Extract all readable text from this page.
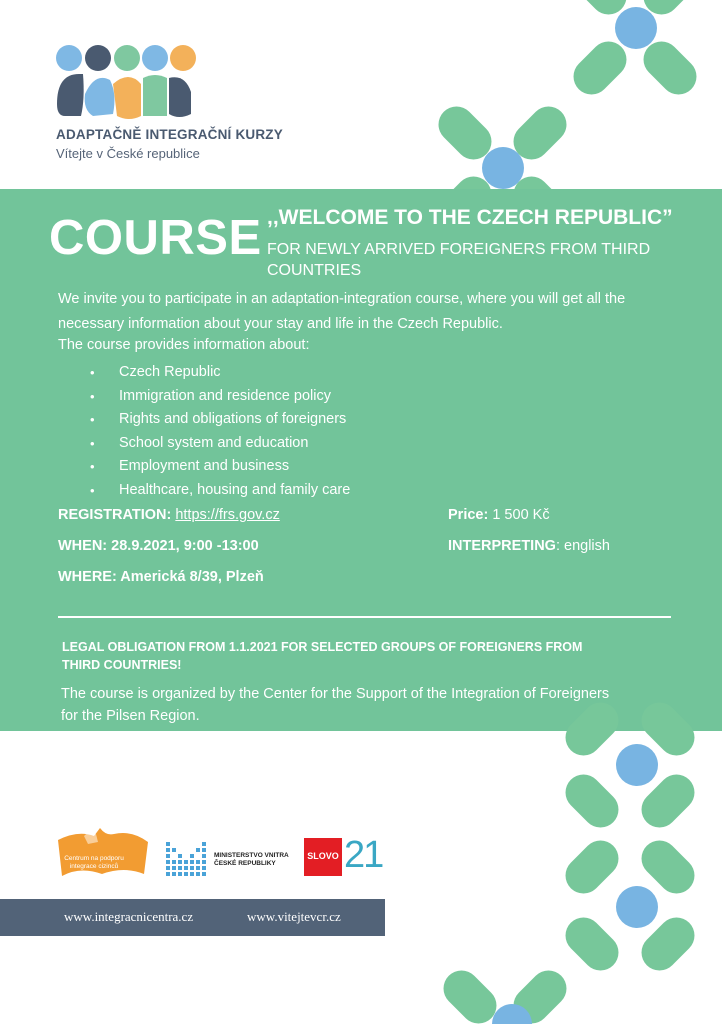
ADAPTAČNĚ INTEGRAČNÍ KURZY
Vítejte v České republice
COURSE ,,WELCOME TO THE CZECH REPUBLIC”
FOR NEWLY ARRIVED FOREIGNERS FROM THIRD COUNTRIES

We invite you to participate in an adaptation-integration course, where you will get all the necessary information about your stay and life in the Czech Republic.

The course provides information about:
• Czech Republic
• Immigration and residence policy
• Rights and obligations of foreigners
• School system and education
• Employment and business
• Healthcare, housing and family care
REGISTRATION: https://frs.gov.cz
WHEN: 28.9.2021, 9:00 -13:00
WHERE: Americká 8/39, Plzeň
Price: 1 500 Kč
INTERPRETING: english
LEGAL OBLIGATION FROM 1.1.2021 FOR SELECTED GROUPS OF FOREIGNERS FROM THIRD COUNTRIES!

The course is organized by the Center for the Support of the Integration of Foreigners for the Pilsen Region.

Centrum na podporu integrace cizinců
MINISTERSTVO VNITRA ČESKÉ REPUBLIKY
SLOVO 21
www.integracnicentra.cz	www.vitejtevcr.cz
